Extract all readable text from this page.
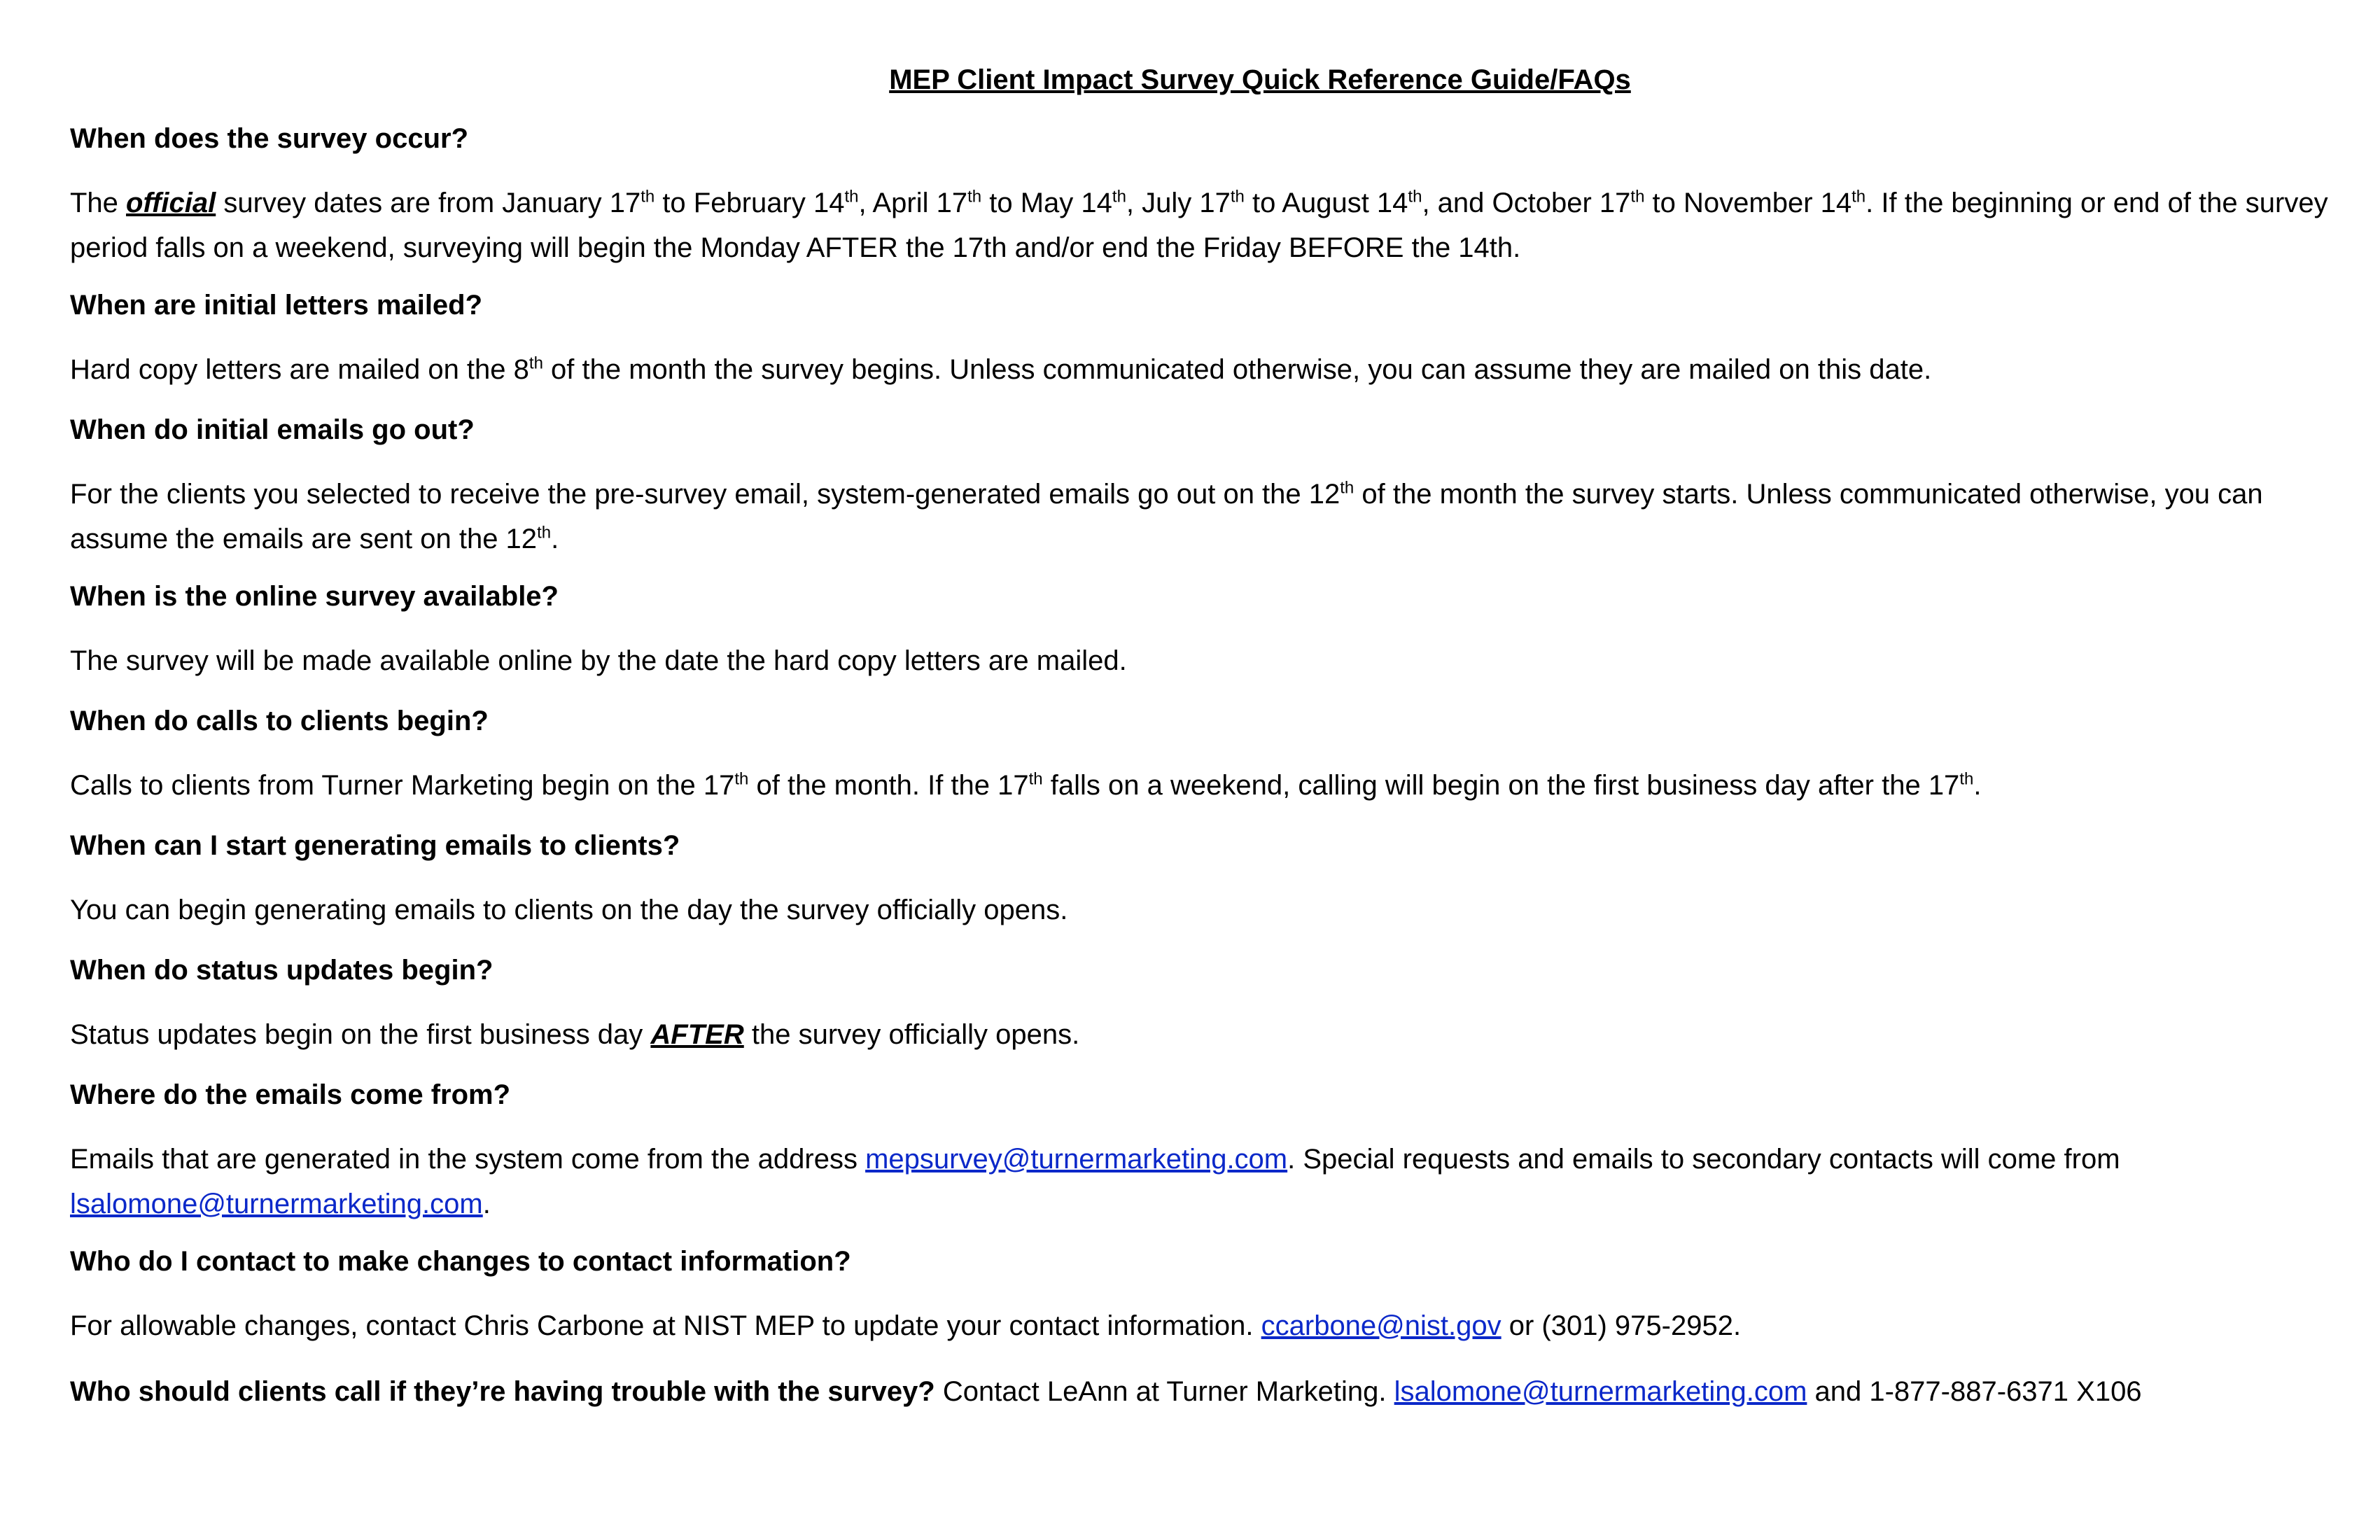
MEP Client Impact Survey Quick Reference Guide/FAQs
When does the survey occur?
The official survey dates are from January 17th to February 14th, April 17th to May 14th, July 17th to August 14th, and October 17th to November 14th. If the beginning or end of the survey period falls on a weekend, surveying will begin the Monday AFTER the 17th and/or end the Friday BEFORE the 14th.
When are initial letters mailed?
Hard copy letters are mailed on the 8th of the month the survey begins. Unless communicated otherwise, you can assume they are mailed on this date.
When do initial emails go out?
For the clients you selected to receive the pre-survey email, system-generated emails go out on the 12th of the month the survey starts. Unless communicated otherwise, you can assume the emails are sent on the 12th.
When is the online survey available?
The survey will be made available online by the date the hard copy letters are mailed.
When do calls to clients begin?
Calls to clients from Turner Marketing begin on the 17th of the month. If the 17th falls on a weekend, calling will begin on the first business day after the 17th.
When can I start generating emails to clients?
You can begin generating emails to clients on the day the survey officially opens.
When do status updates begin?
Status updates begin on the first business day AFTER the survey officially opens.
Where do the emails come from?
Emails that are generated in the system come from the address mepsurvey@turnermarketing.com. Special requests and emails to secondary contacts will come from lsalomone@turnermarketing.com.
Who do I contact to make changes to contact information?
For allowable changes, contact Chris Carbone at NIST MEP to update your contact information. ccarbone@nist.gov or (301) 975-2952.
Who should clients call if they’re having trouble with the survey? Contact LeAnn at Turner Marketing. lsalomone@turnermarketing.com and 1-877-887-6371 X106
